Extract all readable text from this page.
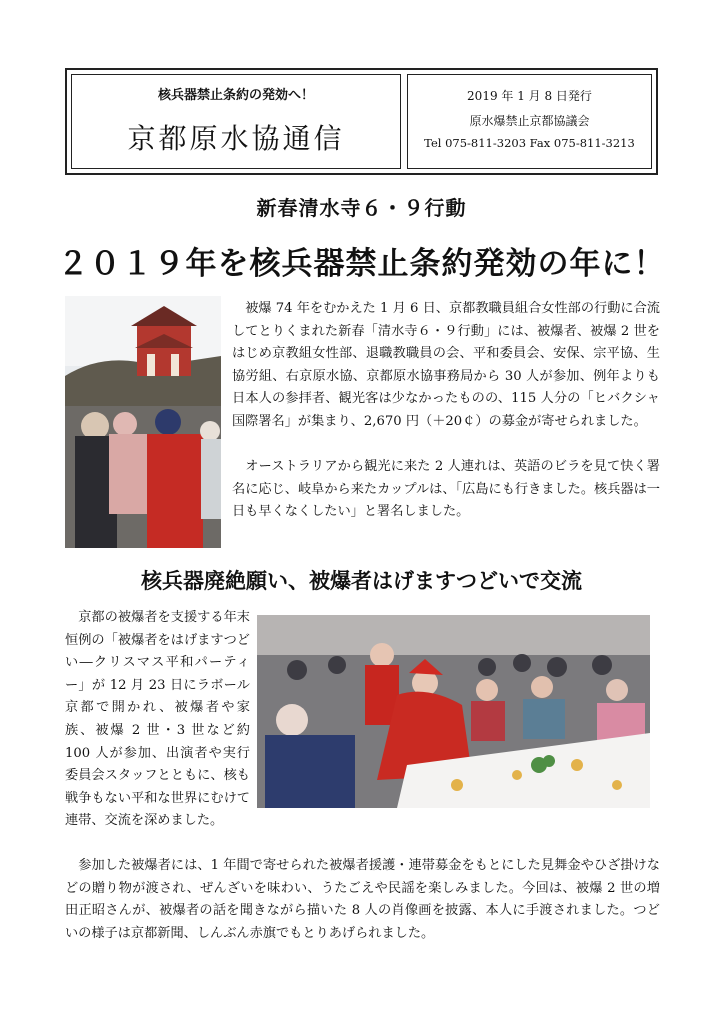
核兵器禁止条約の発効へ！
京都原水協通信
2019 年 1 月 8 日発行
原水爆禁止京都協議会
Tel 075-811-3203 Fax 075-811-3213
新春清水寺６・９行動
２０１９年を核兵器禁止条約発効の年に！

　被爆 74 年をむかえた 1 月 6 日、京都教職員組合女性部の行動に合流してとりくまれた新春「清水寺６・９行動」には、被爆者、被爆 2 世をはじめ京教組女性部、退職教職員の会、平和委員会、安保、宗平協、生協労組、右京原水協、京都原水協事務局から 30 人が参加、例年よりも日本人の参拝者、観光客は少なかったものの、115 人分の「ヒバクシャ国際署名」が集まり、2,670 円（＋20￠）の募金が寄せられました。

　オーストラリアから観光に来た 2 人連れは、英語のビラを見て快く署名に応じ、岐阜から来たカップルは、「広島にも行きました。核兵器は一日も早くなくしたい」と署名しました。

核兵器廃絶願い、被爆者はげますつどいで交流

　京都の被爆者を支援する年末恒例の「被爆者をはげますつどい―クリスマス平和パーティー」が 12 月 23 日にラボール京都で開かれ、被爆者や家族、被爆 2 世・3 世など約 100 人が参加、出演者や実行委員会スタッフとともに、核も戦争もない平和な世界にむけて連帯、交流を深めました。

　参加した被爆者には、1 年間で寄せられた被爆者援護・連帯募金をもとにした見舞金やひざ掛けなどの贈り物が渡され、ぜんざいを味わい、うたごえや民謡を楽しみました。今回は、被爆 2 世の増田正昭さんが、被爆者の話を聞きながら描いた 8 人の肖像画を披露、本人に手渡されました。つどいの様子は京都新聞、しんぶん赤旗でもとりあげられました。
